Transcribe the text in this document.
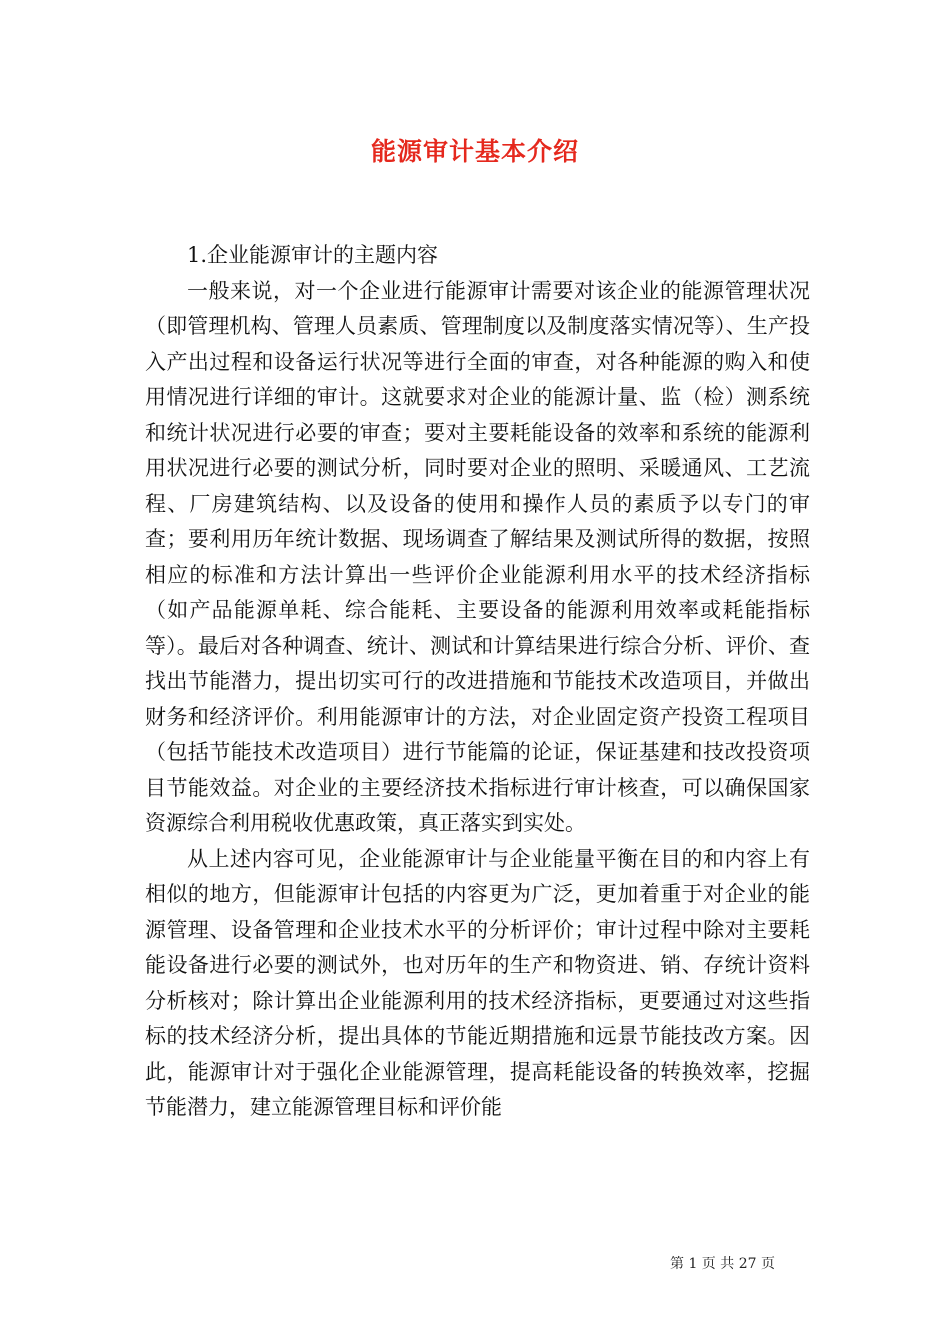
能源审计基本介绍

1.企业能源审计的主题内容

一般来说，对一个企业进行能源审计需要对该企业的能源管理状况（即管理机构、管理人员素质、管理制度以及制度落实情况等）、生产投入产出过程和设备运行状况等进行全面的审查，对各种能源的购入和使用情况进行详细的审计。这就要求对企业的能源计量、监（检）测系统和统计状况进行必要的审查；要对主要耗能设备的效率和系统的能源利用状况进行必要的测试分析，同时要对企业的照明、采暖通风、工艺流程、厂房建筑结构、以及设备的使用和操作人员的素质予以专门的审查；要利用历年统计数据、现场调查了解结果及测试所得的数据，按照相应的标准和方法计算出一些评价企业能源利用水平的技术经济指标（如产品能源单耗、综合能耗、主要设备的能源利用效率或耗能指标等）。最后对各种调查、统计、测试和计算结果进行综合分析、评价、查找出节能潜力，提出切实可行的改进措施和节能技术改造项目，并做出财务和经济评价。利用能源审计的方法，对企业固定资产投资工程项目（包括节能技术改造项目）进行节能篇的论证，保证基建和技改投资项目节能效益。对企业的主要经济技术指标进行审计核查，可以确保国家资源综合利用税收优惠政策，真正落实到实处。

从上述内容可见，企业能源审计与企业能量平衡在目的和内容上有相似的地方，但能源审计包括的内容更为广泛，更加着重于对企业的能源管理、设备管理和企业技术水平的分析评价；审计过程中除对主要耗能设备进行必要的测试外，也对历年的生产和物资进、销、存统计资料分析核对；除计算出企业能源利用的技术经济指标，更要通过对这些指标的技术经济分析，提出具体的节能近期措施和远景节能技改方案。因此，能源审计对于强化企业能源管理，提高耗能设备的转换效率，挖掘节能潜力，建立能源管理目标和评价能

第 1 页 共 27 页
